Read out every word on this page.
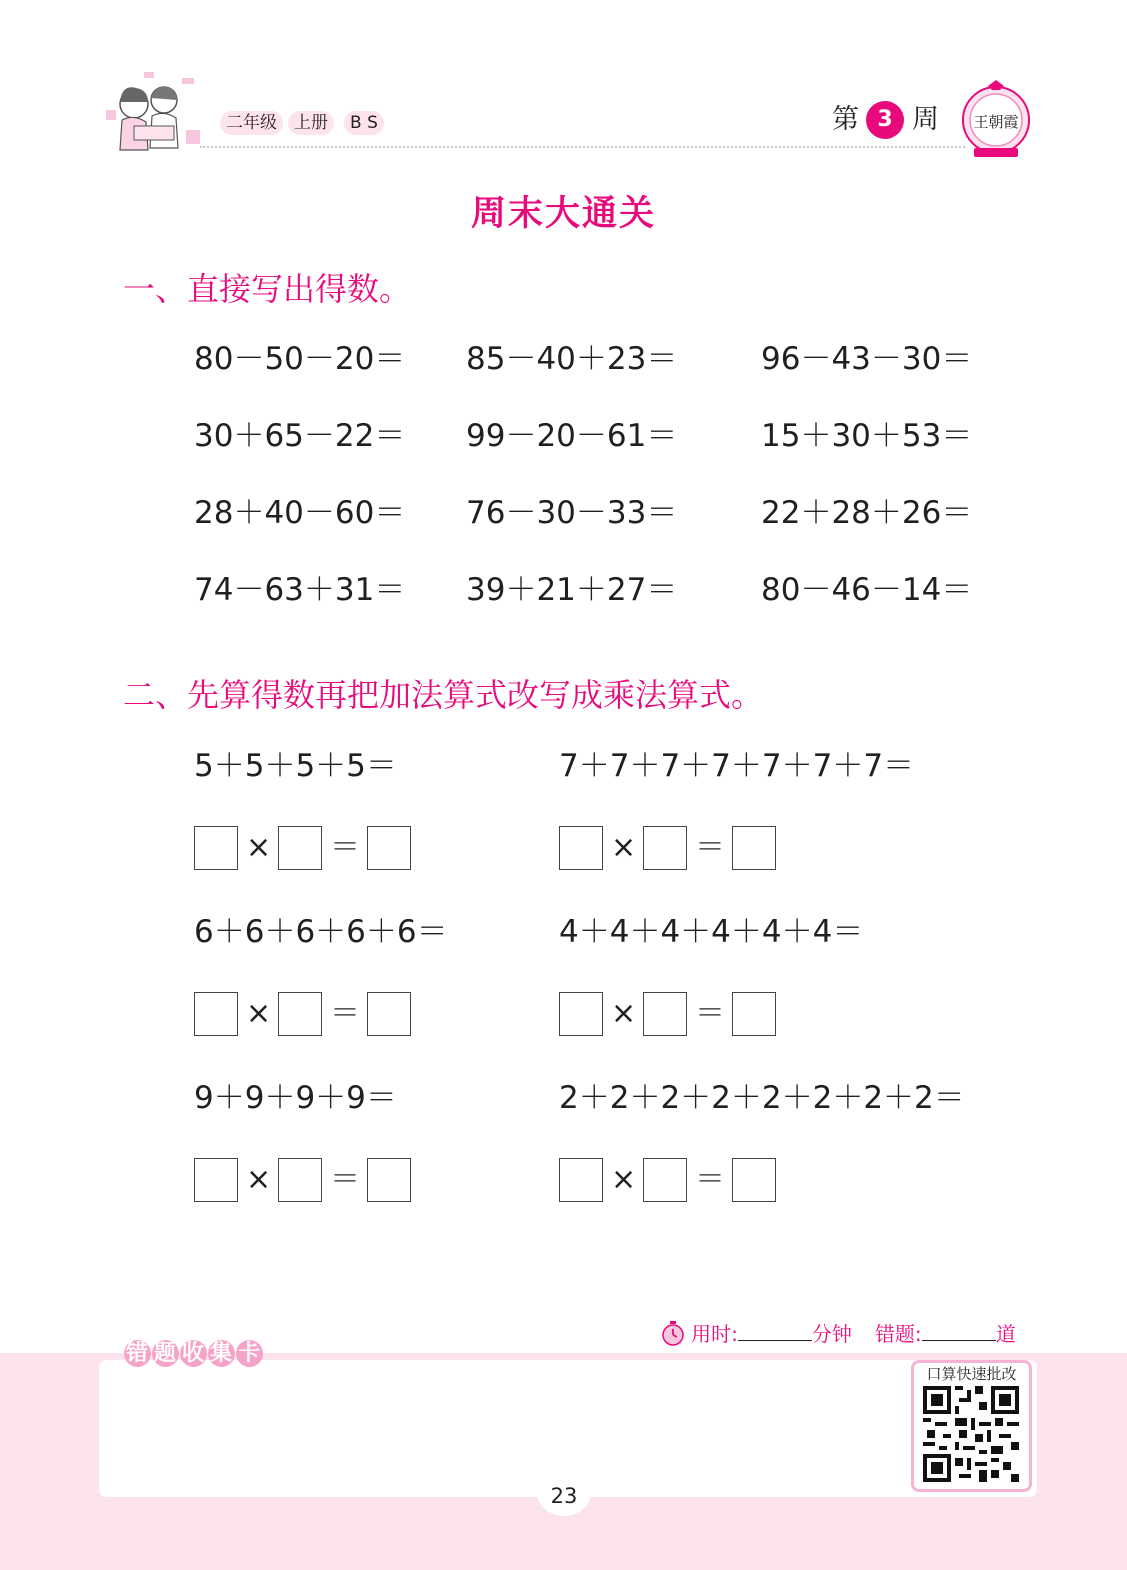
二年级	上册	B S	第 3 周 王朝霞
周末大通关
一、直接写出得数。
80－50－20＝ 85－40＋23＝	96－43－30＝
30＋65－22＝ 99－20－61＝	15＋30＋53＝
28＋40－60＝ 76－30－33＝	22＋28＋26＝
74－63＋31＝ 39＋21＋27＝	80－46－14＝
二、先算得数再把加法算式改写成乘法算式。
5＋5＋5＋5＝	7＋7＋7＋7＋7＋7＋7＝
× ＝	× ＝
6＋6＋6＋6＋6＝	4＋4＋4＋4＋4＋4＝
× ＝	× ＝
9＋9＋9＋9＝	2＋2＋2＋2＋2＋2＋2＋2＝
× ＝	× ＝
用时:	分钟 错题:	道
错 题 收 集 卡
口算快速批改
23
